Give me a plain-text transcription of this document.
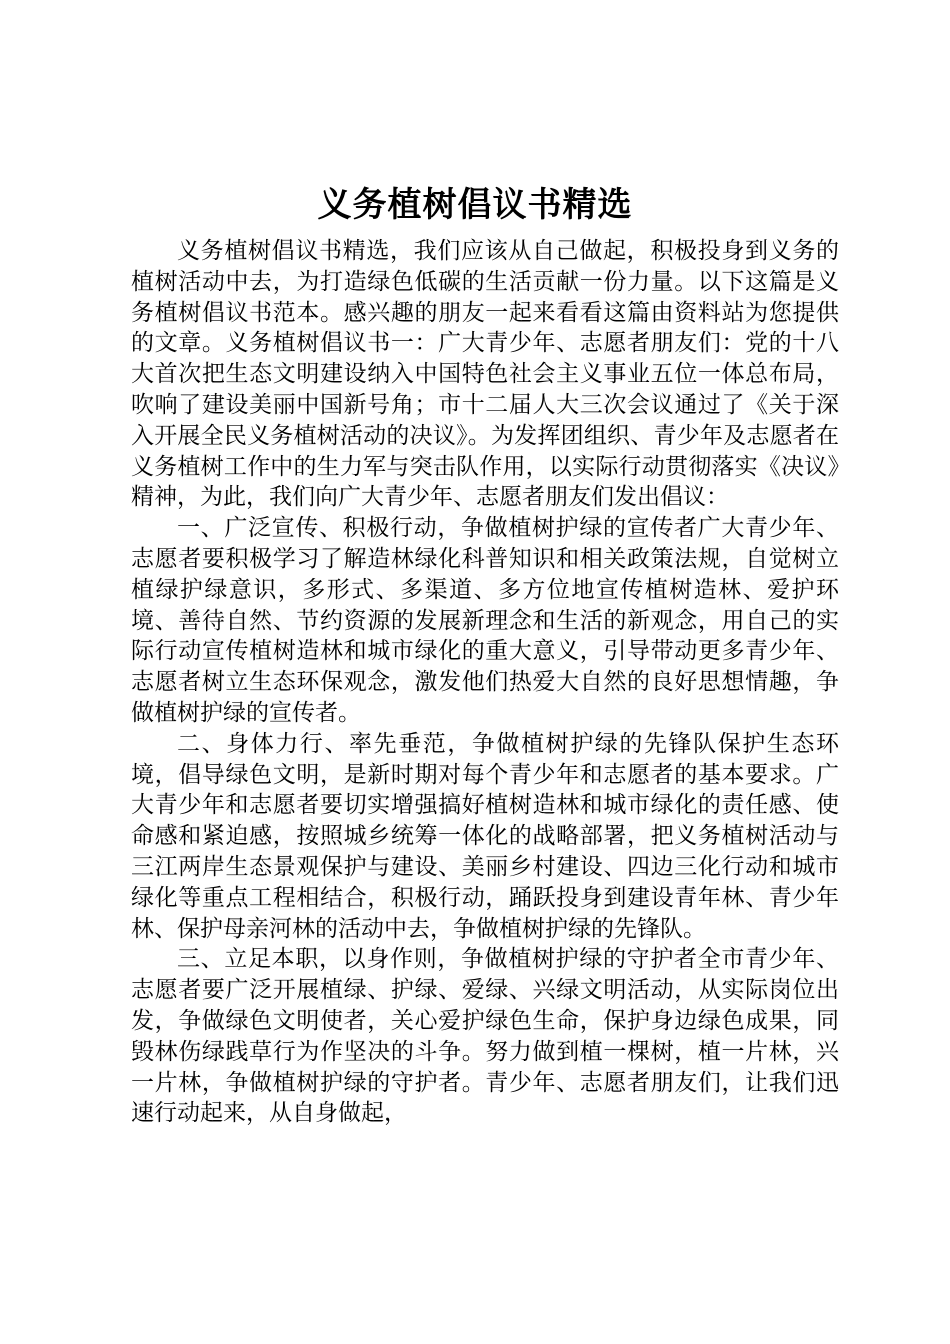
义务植树倡议书精选

义务植树倡议书精选，我们应该从自己做起，积极投身到义务的植树活动中去，为打造绿色低碳的生活贡献一份力量。以下这篇是义务植树倡议书范本。感兴趣的朋友一起来看看这篇由资料站为您提供的文章。义务植树倡议书一：广大青少年、志愿者朋友们：党的十八大首次把生态文明建设纳入中国特色社会主义事业五位一体总布局，吹响了建设美丽中国新号角；市十二届人大三次会议通过了《关于深入开展全民义务植树活动的决议》。为发挥团组织、青少年及志愿者在义务植树工作中的生力军与突击队作用，以实际行动贯彻落实《决议》精神，为此，我们向广大青少年、志愿者朋友们发出倡议：

一、广泛宣传、积极行动，争做植树护绿的宣传者广大青少年、志愿者要积极学习了解造林绿化科普知识和相关政策法规，自觉树立植绿护绿意识，多形式、多渠道、多方位地宣传植树造林、爱护环境、善待自然、节约资源的发展新理念和生活的新观念，用自己的实际行动宣传植树造林和城市绿化的重大意义，引导带动更多青少年、志愿者树立生态环保观念，激发他们热爱大自然的良好思想情趣，争做植树护绿的宣传者。

二、身体力行、率先垂范，争做植树护绿的先锋队保护生态环境，倡导绿色文明，是新时期对每个青少年和志愿者的基本要求。广大青少年和志愿者要切实增强搞好植树造林和城市绿化的责任感、使命感和紧迫感，按照城乡统筹一体化的战略部署，把义务植树活动与三江两岸生态景观保护与建设、美丽乡村建设、四边三化行动和城市绿化等重点工程相结合，积极行动，踊跃投身到建设青年林、青少年林、保护母亲河林的活动中去，争做植树护绿的先锋队。

三、立足本职，以身作则，争做植树护绿的守护者全市青少年、志愿者要广泛开展植绿、护绿、爱绿、兴绿文明活动，从实际岗位出发，争做绿色文明使者，关心爱护绿色生命，保护身边绿色成果，同毁林伤绿践草行为作坚决的斗争。努力做到植一棵树，植一片林，兴一片林，争做植树护绿的守护者。青少年、志愿者朋友们，让我们迅速行动起来，从自身做起，
